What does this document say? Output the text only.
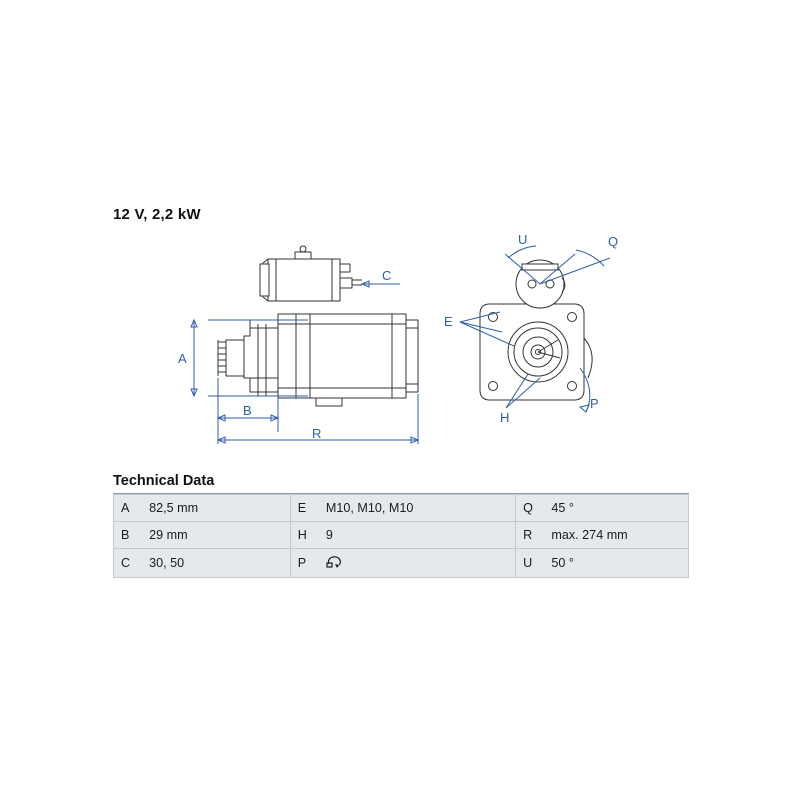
12 V, 2,2 kW
A
B
R
C
U	Q
E
H
P
Technical Data
A	82,5 mm	E	M10, M10, M10	Q	45 °
B	29 mm	H	9	R	max. 274 mm
C	30, 50	P		U	50 °
